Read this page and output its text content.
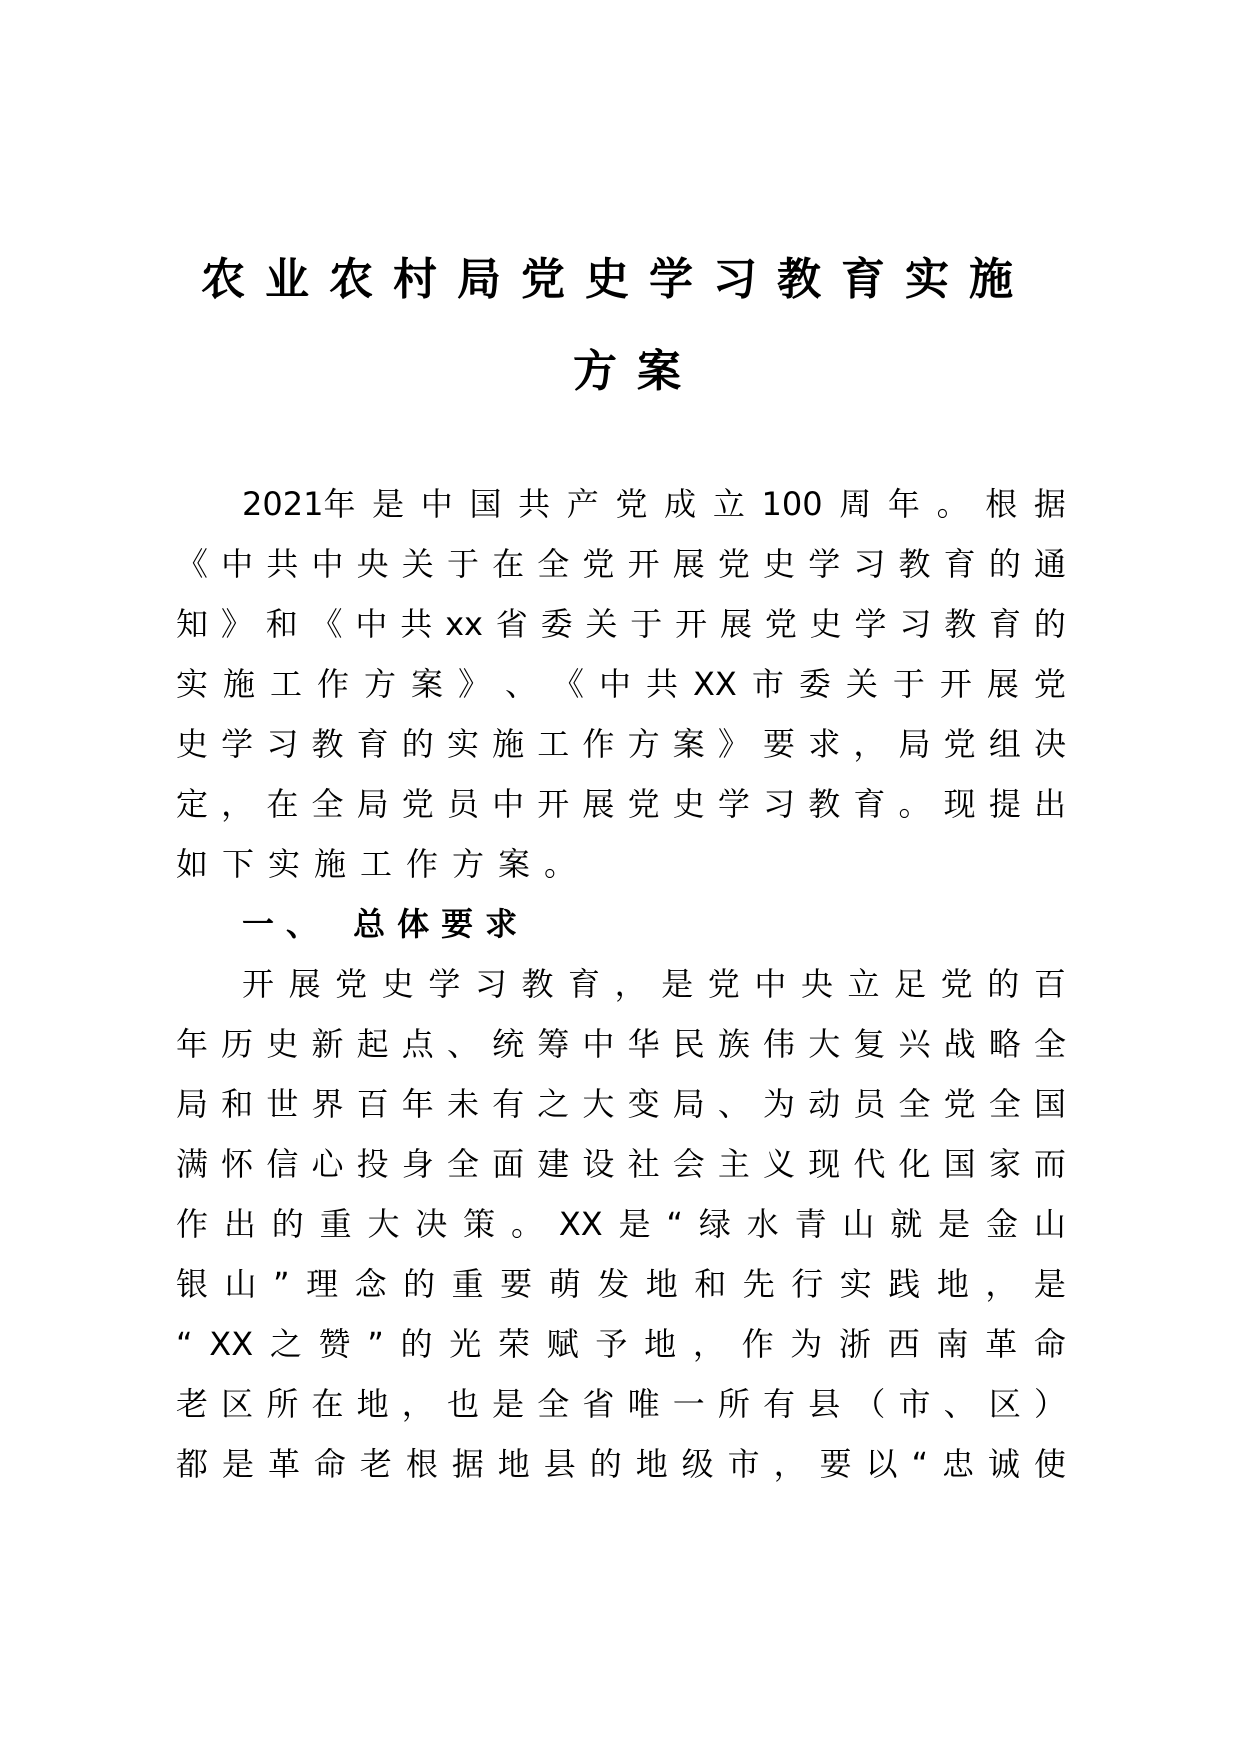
农业农村局党史学习教育实施
方案
2021年 是 中 国 共 产 党 成 立 100 周 年 。 根 据
《 中 共 中 央 关 于 在 全 党 开 展 党 史 学 习 教 育 的 通
知 》 和 《 中 共 xx 省 委 关 于 开 展 党 史 学 习 教 育 的
实 施 工 作 方 案 》 、 《 中 共 XX 市 委 关 于 开 展 党
史 学 习 教 育 的 实 施 工 作 方 案 》 要 求 ， 局 党 组 决
定 ， 在 全 局 党 员 中 开 展 党 史 学 习 教 育 。 现 提 出
如下实施工作方案。
一、 总体要求
开 展 党 史 学 习 教 育 ， 是 党 中 央 立 足 党 的 百
年 历 史 新 起 点 、 统 筹 中 华 民 族 伟 大 复 兴 战 略 全
局 和 世 界 百 年 未 有 之 大 变 局 、 为 动 员 全 党 全 国
满 怀 信 心 投 身 全 面 建 设 社 会 主 义 现 代 化 国 家 而
作 出 的 重 大 决 策 。 XX 是 “ 绿 水 青 山 就 是 金 山
银 山 ” 理 念 的 重 要 萌 发 地 和 先 行 实 践 地 ， 是
“ XX 之 赞 ” 的 光 荣 赋 予 地 ， 作 为 浙 西 南 革 命
老 区 所 在 地 ， 也 是 全 省 唯 一 所 有 县 （ 市 、 区 ）
都 是 革 命 老 根 据 地 县 的 地 级 市 ， 要 以 “ 忠 诚 使
